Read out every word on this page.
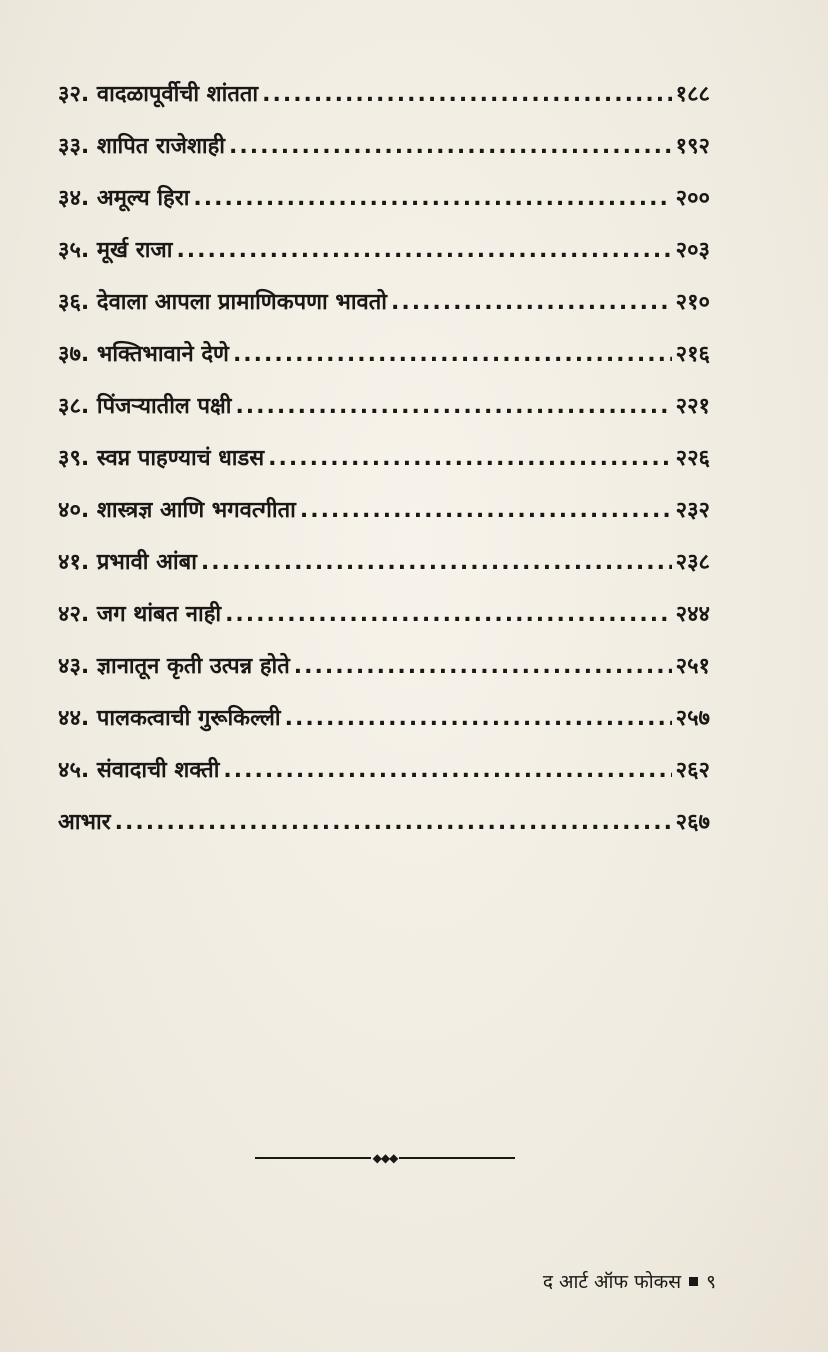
३२. वादळापूर्वीची शांतता .....	१८८
३३. शापित राजेशाही .....	१९२
३४. अमूल्य हिरा .....	२००
३५. मूर्ख राजा .....	२०३
३६. देवाला आपला प्रामाणिकपणा भावतो .....	२१०
३७. भक्तिभावाने देणे .....	२१६
३८. पिंजऱ्यातील पक्षी .....	२२१
३९. स्वप्न पाहण्याचं धाडस .....	२२६
४०. शास्त्रज्ञ आणि भगवत्गीता .....	२३२
४१. प्रभावी आंबा .....	२३८
४२. जग थांबत नाही .....	२४४
४३. ज्ञानातून कृती उत्पन्न होते .....	२५१
४४. पालकत्वाची गुरूकिल्ली .....	२५७
४५. संवादाची शक्ती .....	२६२
आभार .....	२६७
◆◆◆
द आर्ट ऑफ फोकस ९
